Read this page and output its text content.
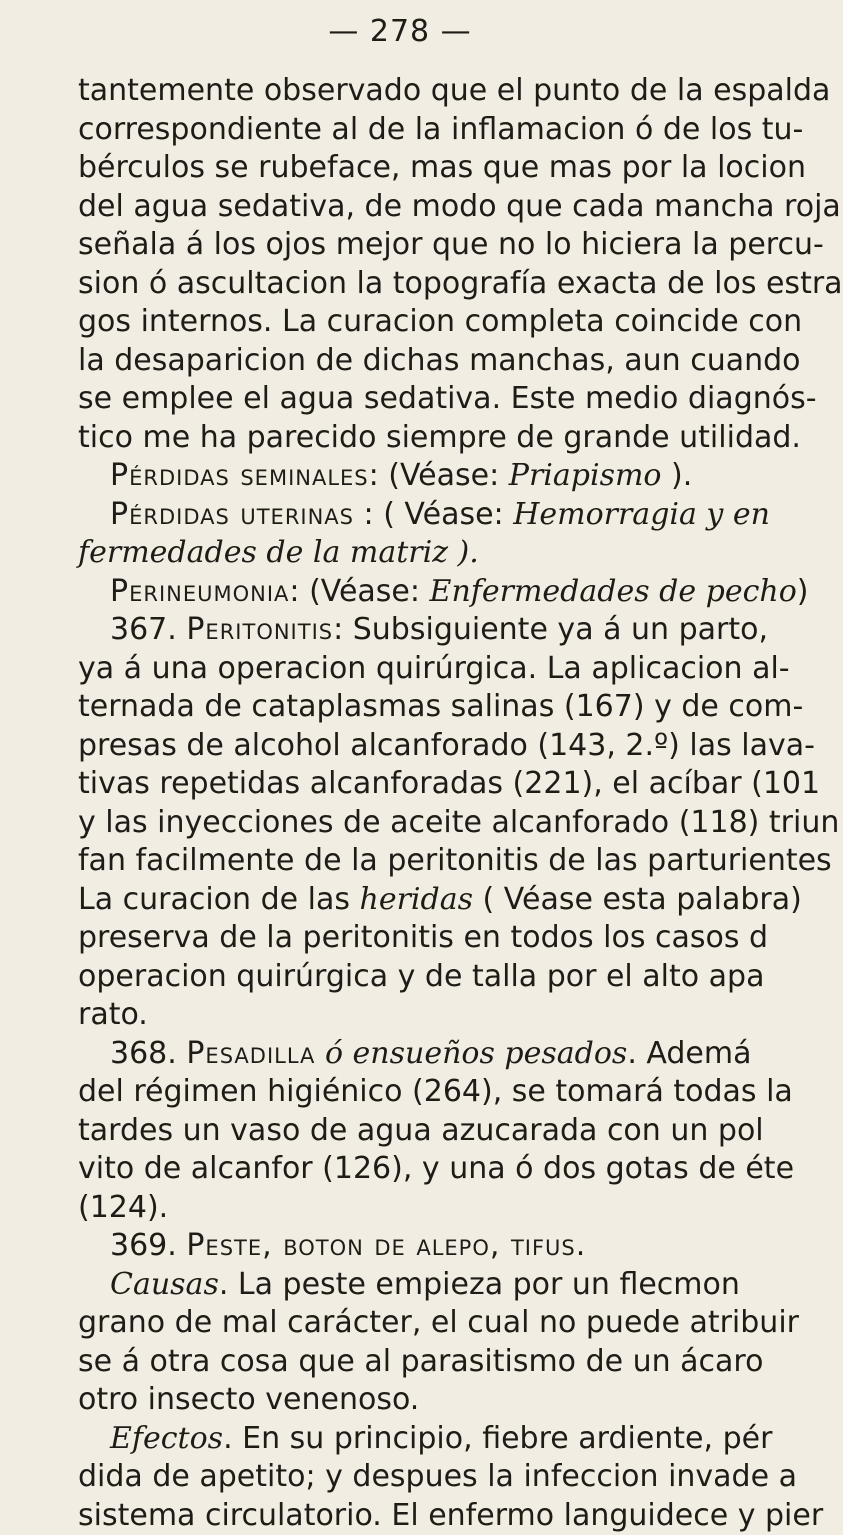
— 278 —
tantemente observado que el punto de la espalda
correspondiente al de la inflamacion ó de los tu-
bérculos se rubeface, mas que mas por la locion
del agua sedativa, de modo que cada mancha roja
señala á los ojos mejor que no lo hiciera la percu-
sion ó ascultacion la topografía exacta de los estra
gos internos. La curacion completa coincide con
la desaparicion de dichas manchas, aun cuando
se emplee el agua sedativa. Este medio diagnós-
tico me ha parecido siempre de grande utilidad.
Pérdidas seminales: (Véase: Priapismo ).
Pérdidas uterinas : ( Véase: Hemorragia y en
fermedades de la matriz ).
Perineumonia: (Véase: Enfermedades de pecho)
367. Peritonitis: Subsiguiente ya á un parto,
ya á una operacion quirúrgica. La aplicacion al-
ternada de cataplasmas salinas (167) y de com-
presas de alcohol alcanforado (143, 2.º) las lava-
tivas repetidas alcanforadas (221), el acíbar (101
y las inyecciones de aceite alcanforado (118) triun
fan facilmente de la peritonitis de las parturientes
La curacion de las heridas ( Véase esta palabra)
preserva de la peritonitis en todos los casos d
operacion quirúrgica y de talla por el alto apa
rato.
368. Pesadilla ó ensueños pesados. Ademá
del régimen higiénico (264), se tomará todas la
tardes un vaso de agua azucarada con un pol
vito de alcanfor (126), y una ó dos gotas de éte
(124).
369. Peste, boton de alepo, tifus.
Causas. La peste empieza por un flecmon
grano de mal carácter, el cual no puede atribuir
se á otra cosa que al parasitismo de un ácaro
otro insecto venenoso.
Efectos. En su principio, fiebre ardiente, pér
dida de apetito; y despues la infeccion invade a
sistema circulatorio. El enfermo languidece y pier
